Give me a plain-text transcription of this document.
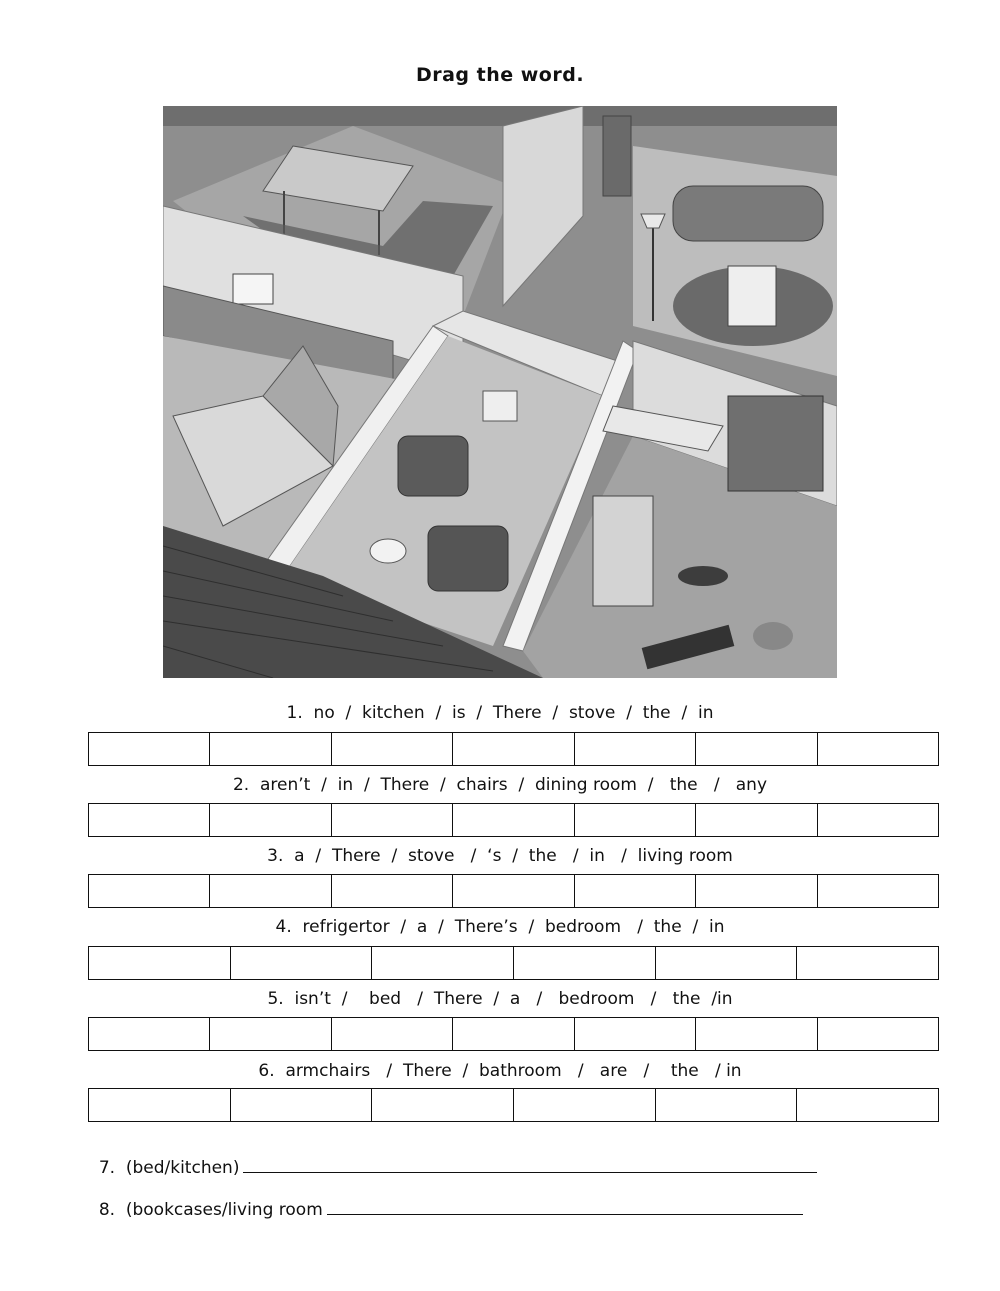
Drag the word.
1.  no  /  kitchen  /  is  /  There  /  stove  /  the  /  in
2.  aren’t  /  in  /  There  /  chairs  /  dining room  /   the   /   any
3.  a  /  There  /  stove   /  ‘s  /  the   /  in   /  living room
4.  refrigertor  /  a  /  There’s  /  bedroom   /  the  /  in
5.  isn’t  /    bed   /  There  /  a   /   bedroom   /   the  /in
6.  armchairs   /  There  /  bathroom   /   are   /    the   / in

7.  (bed/kitchen)

8.  (bookcases/living room
